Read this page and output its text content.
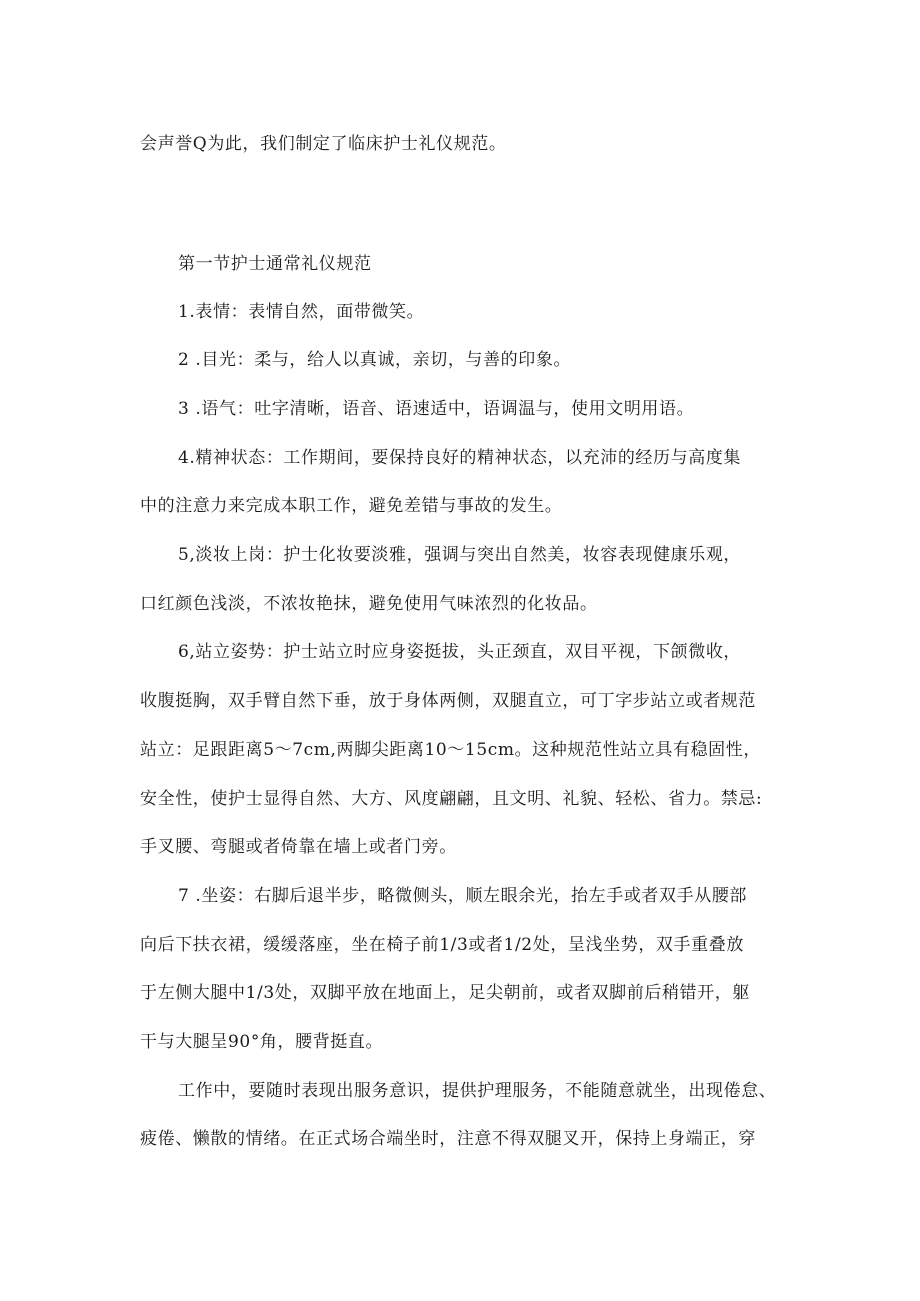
会声誉Q为此，我们制定了临床护士礼仪规范。
第一节护士通常礼仪规范
1.表情：表情自然，面带微笑。
2 .目光：柔与，给人以真诚，亲切，与善的印象。
3 .语气：吐字清晰，语音、语速适中，语调温与，使用文明用语。
4.精神状态：工作期间，要保持良好的精神状态，以充沛的经历与高度集
中的注意力来完成本职工作，避免差错与事故的发生。
5,淡妆上岗：护士化妆要淡雅，强调与突出自然美，妆容表现健康乐观，
口红颜色浅淡，不浓妆艳抹，避免使用气味浓烈的化妆品。
6,站立姿势：护士站立时应身姿挺拔，头正颈直，双目平视，下颌微收，
收腹挺胸，双手臂自然下垂，放于身体两侧，双腿直立，可丁字步站立或者规范
站立：足跟距离5〜7cm,两脚尖距离10〜15cm。这种规范性站立具有稳固性，
安全性，使护士显得自然、大方、风度翩翩，且文明、礼貌、轻松、省力。禁忌:
手叉腰、弯腿或者倚靠在墙上或者门旁。
7 .坐姿：右脚后退半步，略微侧头，顺左眼余光，抬左手或者双手从腰部
向后下扶衣裙，缓缓落座，坐在椅子前1/3或者1/2处，呈浅坐势，双手重叠放
于左侧大腿中1/3处，双脚平放在地面上，足尖朝前，或者双脚前后稍错开，躯
干与大腿呈90°角，腰背挺直。
工作中，要随时表现出服务意识，提供护理服务，不能随意就坐，出现倦怠、
疲倦、懒散的情绪。在正式场合端坐时，注意不得双腿叉开，保持上身端正，穿
